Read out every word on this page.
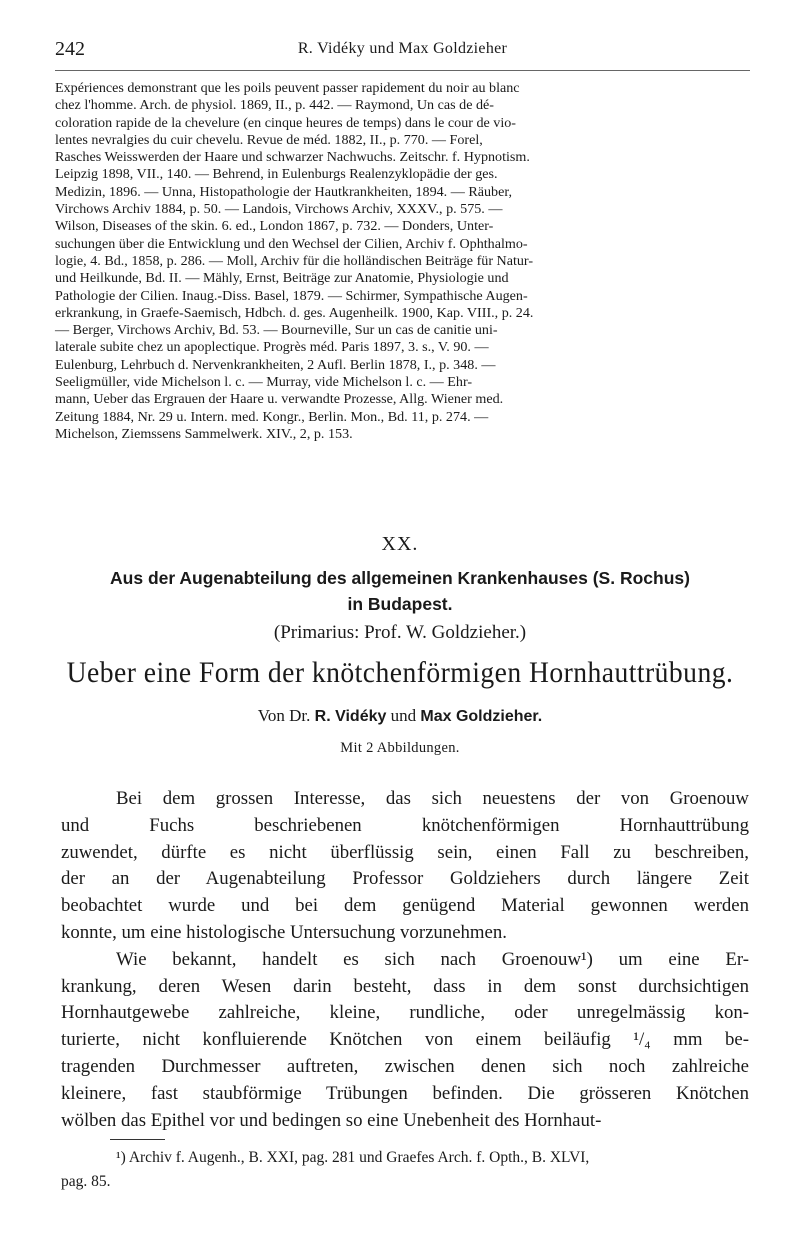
242	R. Vidéky und Max Goldzieher
Expériences demonstrant que les poils peuvent passer rapidement du noir au blanc
chez l'homme. Arch. de physiol. 1869, II., p. 442. — Raymond, Un cas de dé-
coloration rapide de la chevelure (en cinque heures de temps) dans le cour de vio-
lentes nevralgies du cuir chevelu. Revue de méd. 1882, II., p. 770. — Forel,
Rasches Weisswerden der Haare und schwarzer Nachwuchs. Zeitschr. f. Hypnotism.
Leipzig 1898, VII., 140. — Behrend, in Eulenburgs Realenzyklopädie der ges.
Medizin, 1896. — Unna, Histopathologie der Hautkrankheiten, 1894. — Räuber,
Virchows Archiv 1884, p. 50. — Landois, Virchows Archiv, XXXV., p. 575. —
Wilson, Diseases of the skin. 6. ed., London 1867, p. 732. — Donders, Unter-
suchungen über die Entwicklung und den Wechsel der Cilien, Archiv f. Ophthalmo-
logie, 4. Bd., 1858, p. 286. — Moll, Archiv für die holländischen Beiträge für Natur-
und Heilkunde, Bd. II. — Mähly, Ernst, Beiträge zur Anatomie, Physiologie und
Pathologie der Cilien. Inaug.-Diss. Basel, 1879. — Schirmer, Sympathische Augen-
erkrankung, in Graefe-Saemisch, Hdbch. d. ges. Augenheilk. 1900, Kap. VIII., p. 24.
— Berger, Virchows Archiv, Bd. 53. — Bourneville, Sur un cas de canitie uni-
laterale subite chez un apoplectique. Progrès méd. Paris 1897, 3. s., V. 90. —
Eulenburg, Lehrbuch d. Nervenkrankheiten, 2 Aufl. Berlin 1878, I., p. 348. —
Seeligmüller, vide Michelson l. c. — Murray, vide Michelson l. c. — Ehr-
mann, Ueber das Ergrauen der Haare u. verwandte Prozesse, Allg. Wiener med.
Zeitung 1884, Nr. 29 u. Intern. med. Kongr., Berlin. Mon., Bd. 11, p. 274. —
Michelson, Ziemssens Sammelwerk. XIV., 2, p. 153.
XX.
Aus der Augenabteilung des allgemeinen Krankenhauses (S. Rochus)
in Budapest.
(Primarius: Prof. W. Goldzieher.)
Ueber eine Form der knötchenförmigen Hornhauttrübung.
Von Dr. R. Vidéky und Max Goldzieher.
Mit 2 Abbildungen.
Bei dem grossen Interesse, das sich neuestens der von Groenouw
und Fuchs beschriebenen knötchenförmigen Hornhauttrübung
zuwendet, dürfte es nicht überflüssig sein, einen Fall zu beschreiben,
der an der Augenabteilung Professor Goldziehers durch längere Zeit
beobachtet wurde und bei dem genügend Material gewonnen werden
konnte, um eine histologische Untersuchung vorzunehmen.
Wie bekannt, handelt es sich nach Groenouw¹) um eine Er-
krankung, deren Wesen darin besteht, dass in dem sonst durchsichtigen
Hornhautgewebe zahlreiche, kleine, rundliche, oder unregelmässig kon-
turierte, nicht konfluierende Knötchen von einem beiläufig ¹/₄ mm be-
tragenden Durchmesser auftreten, zwischen denen sich noch zahlreiche
kleinere, fast staubförmige Trübungen befinden. Die grösseren Knötchen
wölben das Epithel vor und bedingen so eine Unebenheit des Hornhaut-
¹) Archiv f. Augenh., B. XXI, pag. 281 und Graefes Arch. f. Opth., B. XLVI,
pag. 85.
